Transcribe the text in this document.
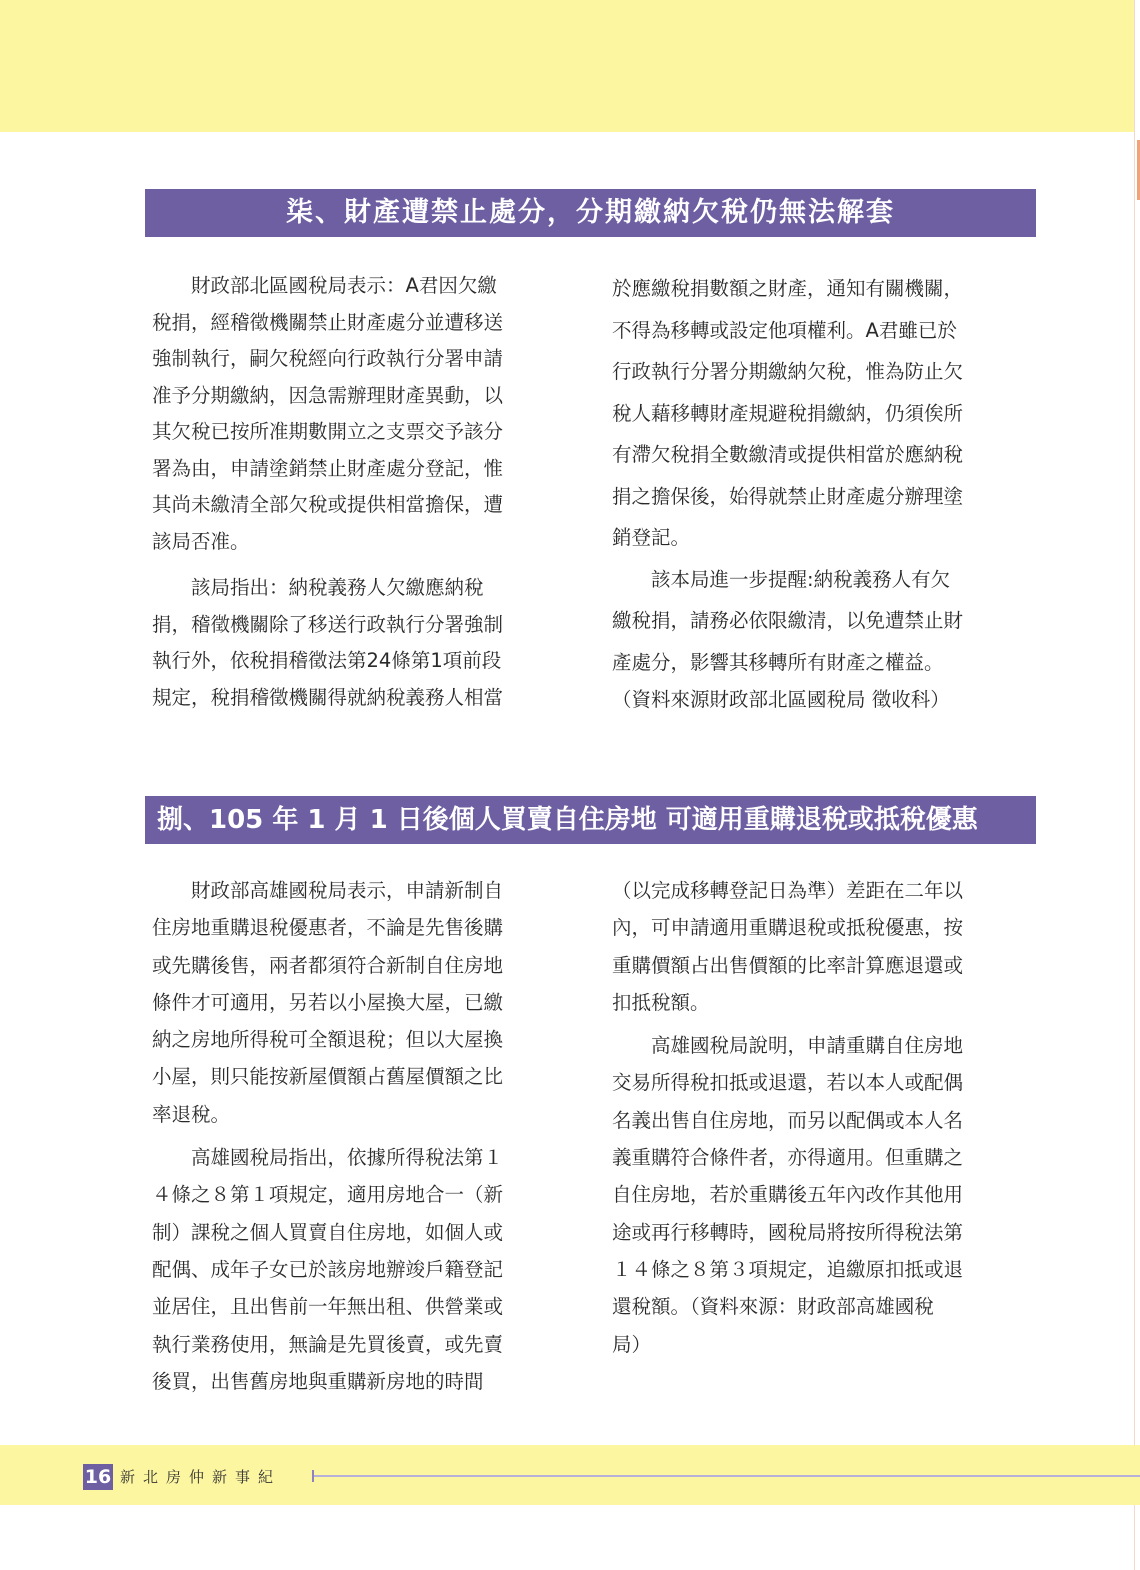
柒、財產遭禁止處分，分期繳納欠稅仍無法解套

　　財政部北區國稅局表示：A君因欠繳

稅捐，經稽徵機關禁止財產處分並遭移送

強制執行，嗣欠稅經向行政執行分署申請

准予分期繳納，因急需辦理財產異動，以

其欠稅已按所准期數開立之支票交予該分

署為由，申請塗銷禁止財產處分登記，惟

其尚未繳清全部欠稅或提供相當擔保，遭

該局否准。

　　該局指出：納稅義務人欠繳應納稅

捐，稽徵機關除了移送行政執行分署強制

執行外，依稅捐稽徵法第24條第1項前段

規定，稅捐稽徵機關得就納稅義務人相當

於應繳稅捐數額之財產，通知有關機關，

不得為移轉或設定他項權利。A君雖已於

行政執行分署分期繳納欠稅，惟為防止欠

稅人藉移轉財產規避稅捐繳納，仍須俟所

有滯欠稅捐全數繳清或提供相當於應納稅

捐之擔保後，始得就禁止財產處分辦理塗

銷登記。

　　該本局進一步提醒:納稅義務人有欠

繳稅捐，請務必依限繳清，以免遭禁止財

產處分，影響其移轉所有財產之權益。

（資料來源財政部北區國稅局 徵收科）

捌、105 年 1 月 1 日後個人買賣自住房地 可適用重購退稅或抵稅優惠

　　財政部高雄國稅局表示，申請新制自

住房地重購退稅優惠者，不論是先售後購

或先購後售，兩者都須符合新制自住房地

條件才可適用，另若以小屋換大屋，已繳

納之房地所得稅可全額退稅；但以大屋換

小屋，則只能按新屋價額占舊屋價額之比

率退稅。

　　高雄國稅局指出，依據所得稅法第１

４條之８第１項規定，適用房地合一（新

制）課稅之個人買賣自住房地，如個人或

配偶、成年子女已於該房地辦竣戶籍登記

並居住，且出售前一年無出租、供營業或

執行業務使用，無論是先買後賣，或先賣

後買，出售舊房地與重購新房地的時間

（以完成移轉登記日為準）差距在二年以

內，可申請適用重購退稅或抵稅優惠，按

重購價額占出售價額的比率計算應退還或

扣抵稅額。

　　高雄國稅局說明，申請重購自住房地

交易所得稅扣抵或退還，若以本人或配偶

名義出售自住房地，而另以配偶或本人名

義重購符合條件者，亦得適用。但重購之

自住房地，若於重購後五年內改作其他用

途或再行移轉時，國稅局將按所得稅法第

１４條之８第３項規定，追繳原扣抵或退

還稅額。（資料來源：財政部高雄國稅

局）

16 新北房仲新事紀
